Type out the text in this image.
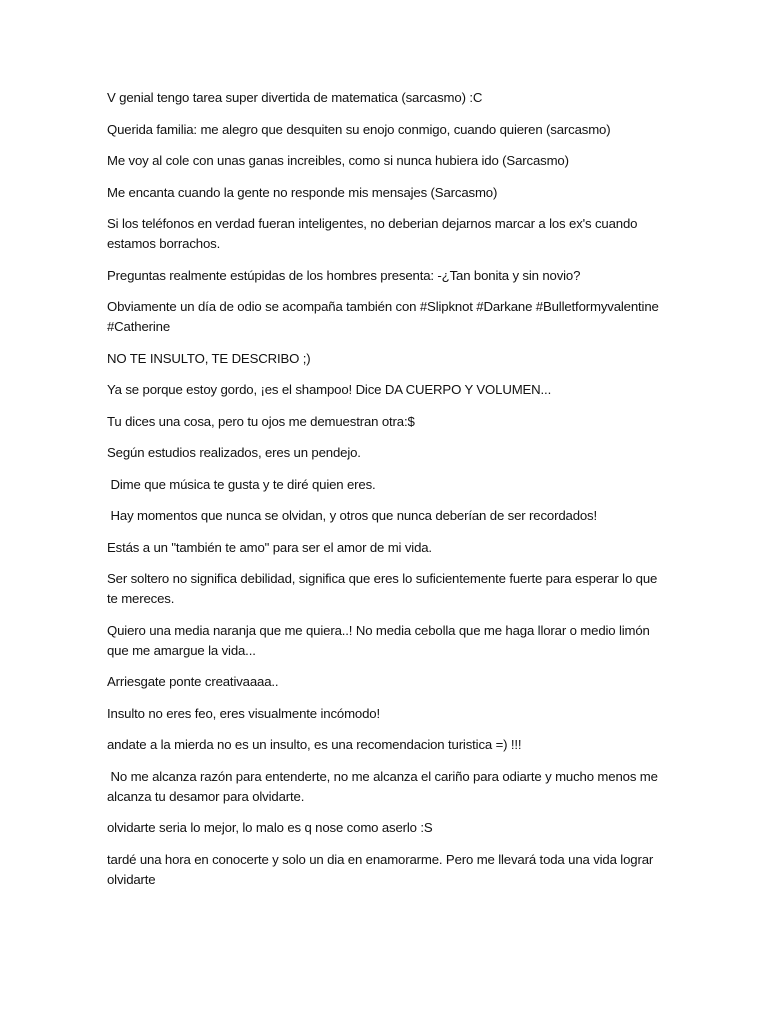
V genial tengo tarea super divertida de matematica (sarcasmo) :C

Querida familia: me alegro que desquiten su enojo conmigo, cuando quieren (sarcasmo)

Me voy al cole con unas ganas increibles, como si nunca hubiera ido (Sarcasmo)

Me encanta cuando la gente no responde mis mensajes (Sarcasmo)

Si los teléfonos en verdad fueran inteligentes, no deberian dejarnos marcar a los ex's cuando estamos borrachos.

Preguntas realmente estúpidas de los hombres presenta: -¿Tan bonita y sin novio?

Obviamente un día de odio se acompaña también con #Slipknot #Darkane #Bulletformyvalentine #Catherine

NO TE INSULTO, TE DESCRIBO ;)

Ya se porque estoy gordo, ¡es el shampoo! Dice DA CUERPO Y VOLUMEN...

Tu dices una cosa, pero tu ojos me demuestran otra:$

Según estudios realizados, eres un pendejo.

Dime que música te gusta y te diré quien eres.

Hay momentos que nunca se olvidan, y otros que nunca deberían de ser recordados!

Estás a un "también te amo" para ser el amor de mi vida.

Ser soltero no significa debilidad, significa que eres lo suficientemente fuerte para esperar lo que te mereces.

Quiero una media naranja que me quiera..! No media cebolla que me haga llorar o medio limón que me amargue la vida...

Arriesgate ponte creativaaaa..

Insulto no eres feo, eres visualmente incómodo!

andate a la mierda no es un insulto, es una recomendacion turistica =) !!!

No me alcanza razón para entenderte, no me alcanza el cariño para odiarte y mucho menos me alcanza tu desamor para olvidarte.

olvidarte seria lo mejor, lo malo es q nose como aserlo :S

tardé una hora en conocerte y solo un dia en enamorarme. Pero me llevará toda una vida lograr olvidarte
